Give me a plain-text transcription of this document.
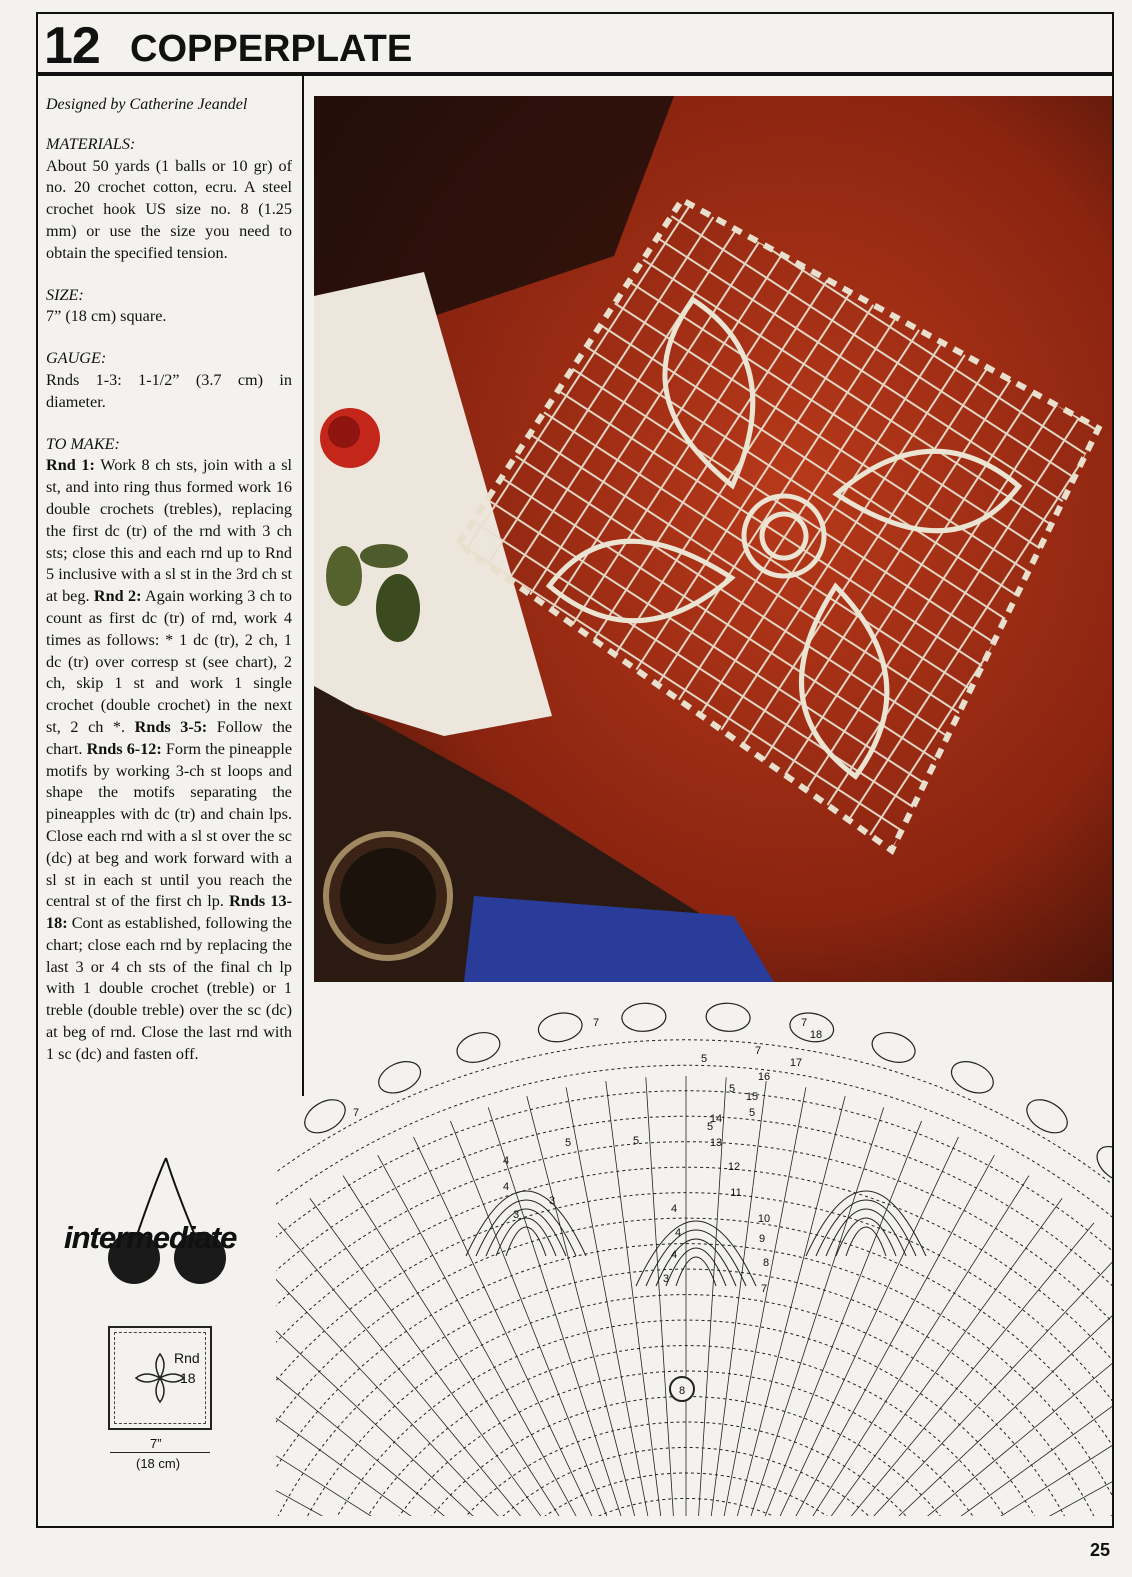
12 COPPERPLATE

Designed by Catherine Jeandel

MATERIALS:
About 50 yards (1 balls or 10 gr) of no. 20 crochet cotton, ecru. A steel crochet hook US size no. 8 (1.25 mm) or use the size you need to obtain the specified tension.

SIZE:
7” (18 cm) square.

GAUGE:
Rnds 1-3: 1-1/2” (3.7 cm) in diameter.

TO MAKE:
Rnd 1: Work 8 ch sts, join with a sl st, and into ring thus formed work 16 double crochets (trebles), replacing the first dc (tr) of the rnd with 3 ch sts; close this and each rnd up to Rnd 5 inclusive with a sl st in the 3rd ch st at beg. Rnd 2: Again working 3 ch to count as first dc (tr) of rnd, work 4 times as follows: * 1 dc (tr), 2 ch, 1 dc (tr) over corresp st (see chart), 2 ch, skip 1 st and work 1 single crochet (double crochet) in the next st, 2 ch *. Rnds 3-5: Follow the chart. Rnds 6-12: Form the pineapple motifs by working 3-ch st loops and shape the motifs separating the pineapples with dc (tr) and chain lps. Close each rnd with a sl st over the sc (dc) at beg and work forward with a sl st in each st until you reach the central st of the first ch lp. Rnds 13-18: Cont as established, following the chart; close each rnd by replacing the last 3 or 4 ch sts of the final ch lp with 1 double crochet (treble) or 1 treble (double treble) over the sc (dc) at beg of rnd. Close the last rnd with 1 sc (dc) and fasten off.

8
3
4
4
4
5
5
5
5
5	5
4
4
3
3
7	7
7
7
7
8
9
10
11
12
13
14
15
16
17
18
intermediate
Rnd
18
7”
(18 cm)
25
